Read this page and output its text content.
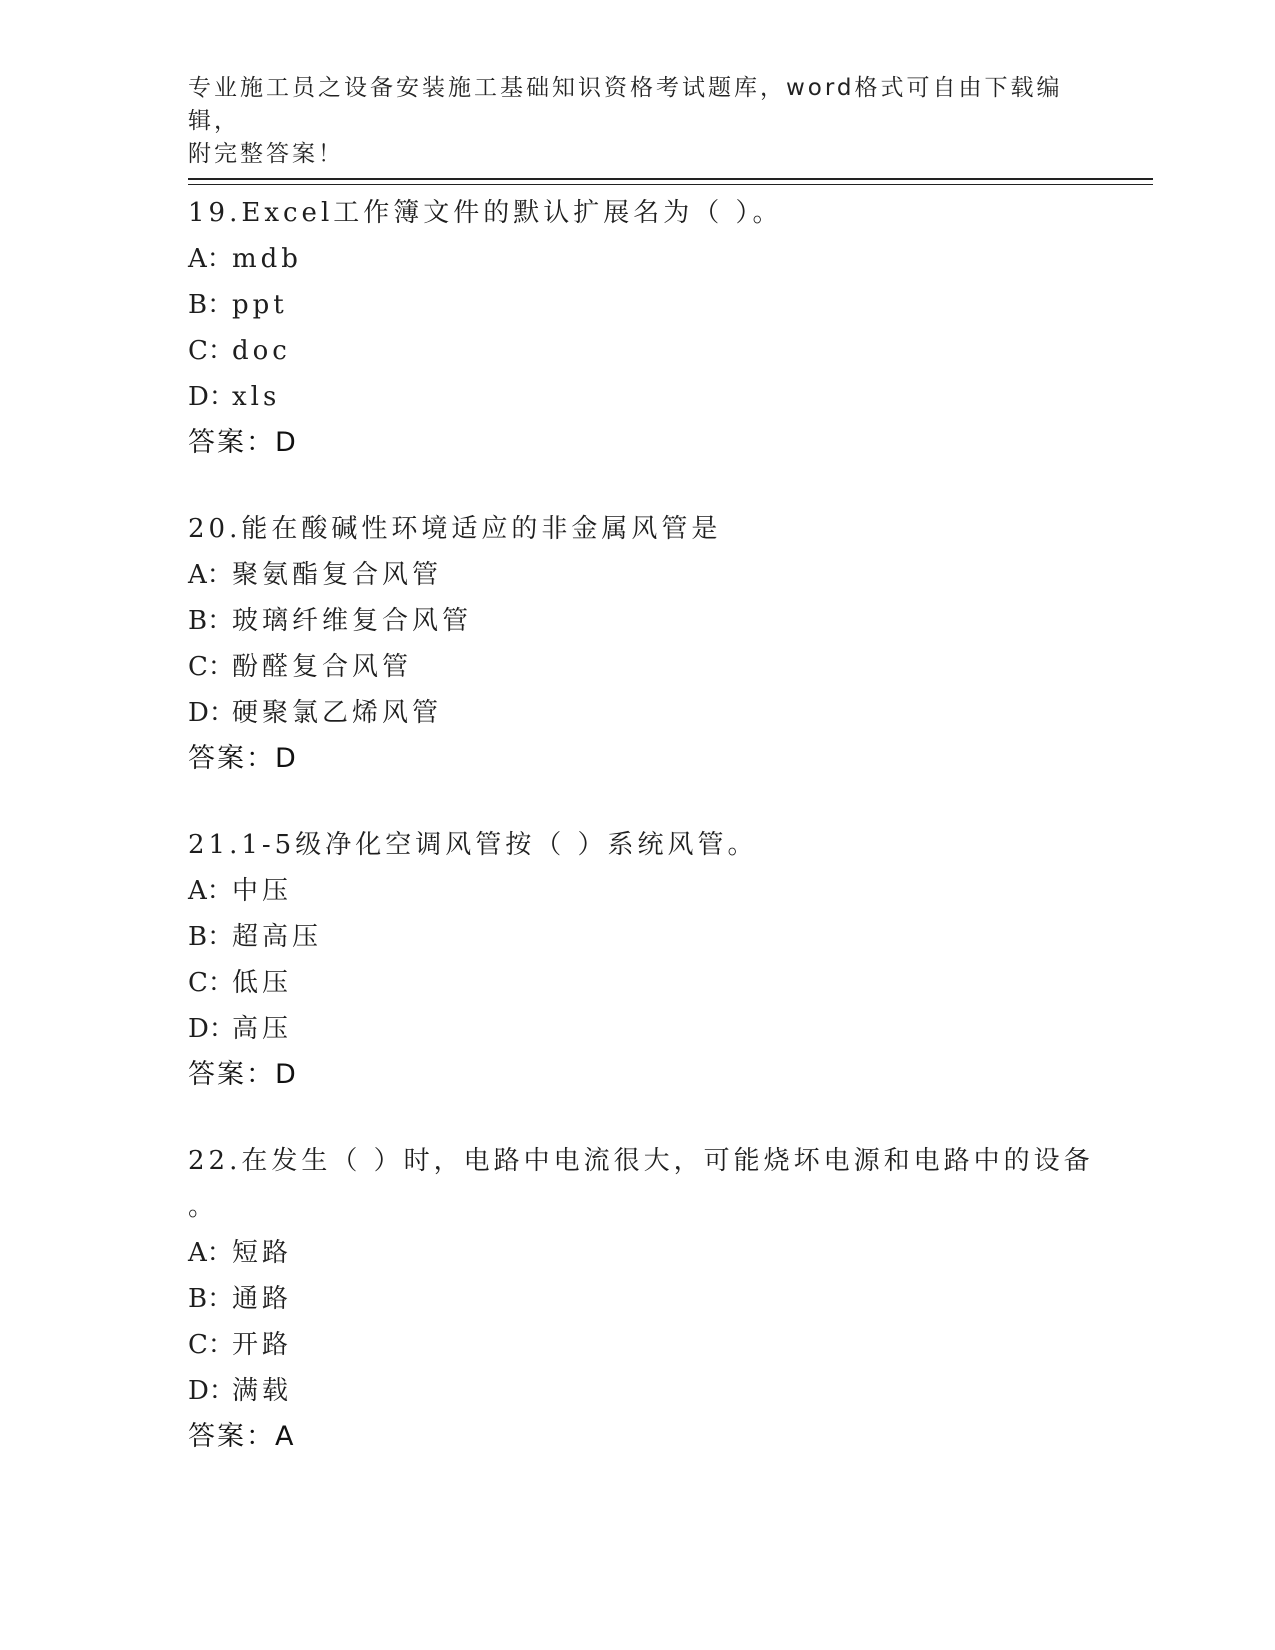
专业施工员之设备安装施工基础知识资格考试题库，word格式可自由下载编辑，
附完整答案！
19.Excel工作簿文件的默认扩展名为（ ）。
A：mdb
B：ppt
C：doc
D：xls
答案：D
20.能在酸碱性环境适应的非金属风管是
A：聚氨酯复合风管
B：玻璃纤维复合风管
C：酚醛复合风管
D：硬聚氯乙烯风管
答案：D
21.1-5级净化空调风管按（ ）系统风管。
A：中压
B：超高压
C：低压
D：高压
答案：D
22.在发生（ ）时，电路中电流很大，可能烧坏电源和电路中的设备
。
A：短路
B：通路
C：开路
D：满载
答案：A
